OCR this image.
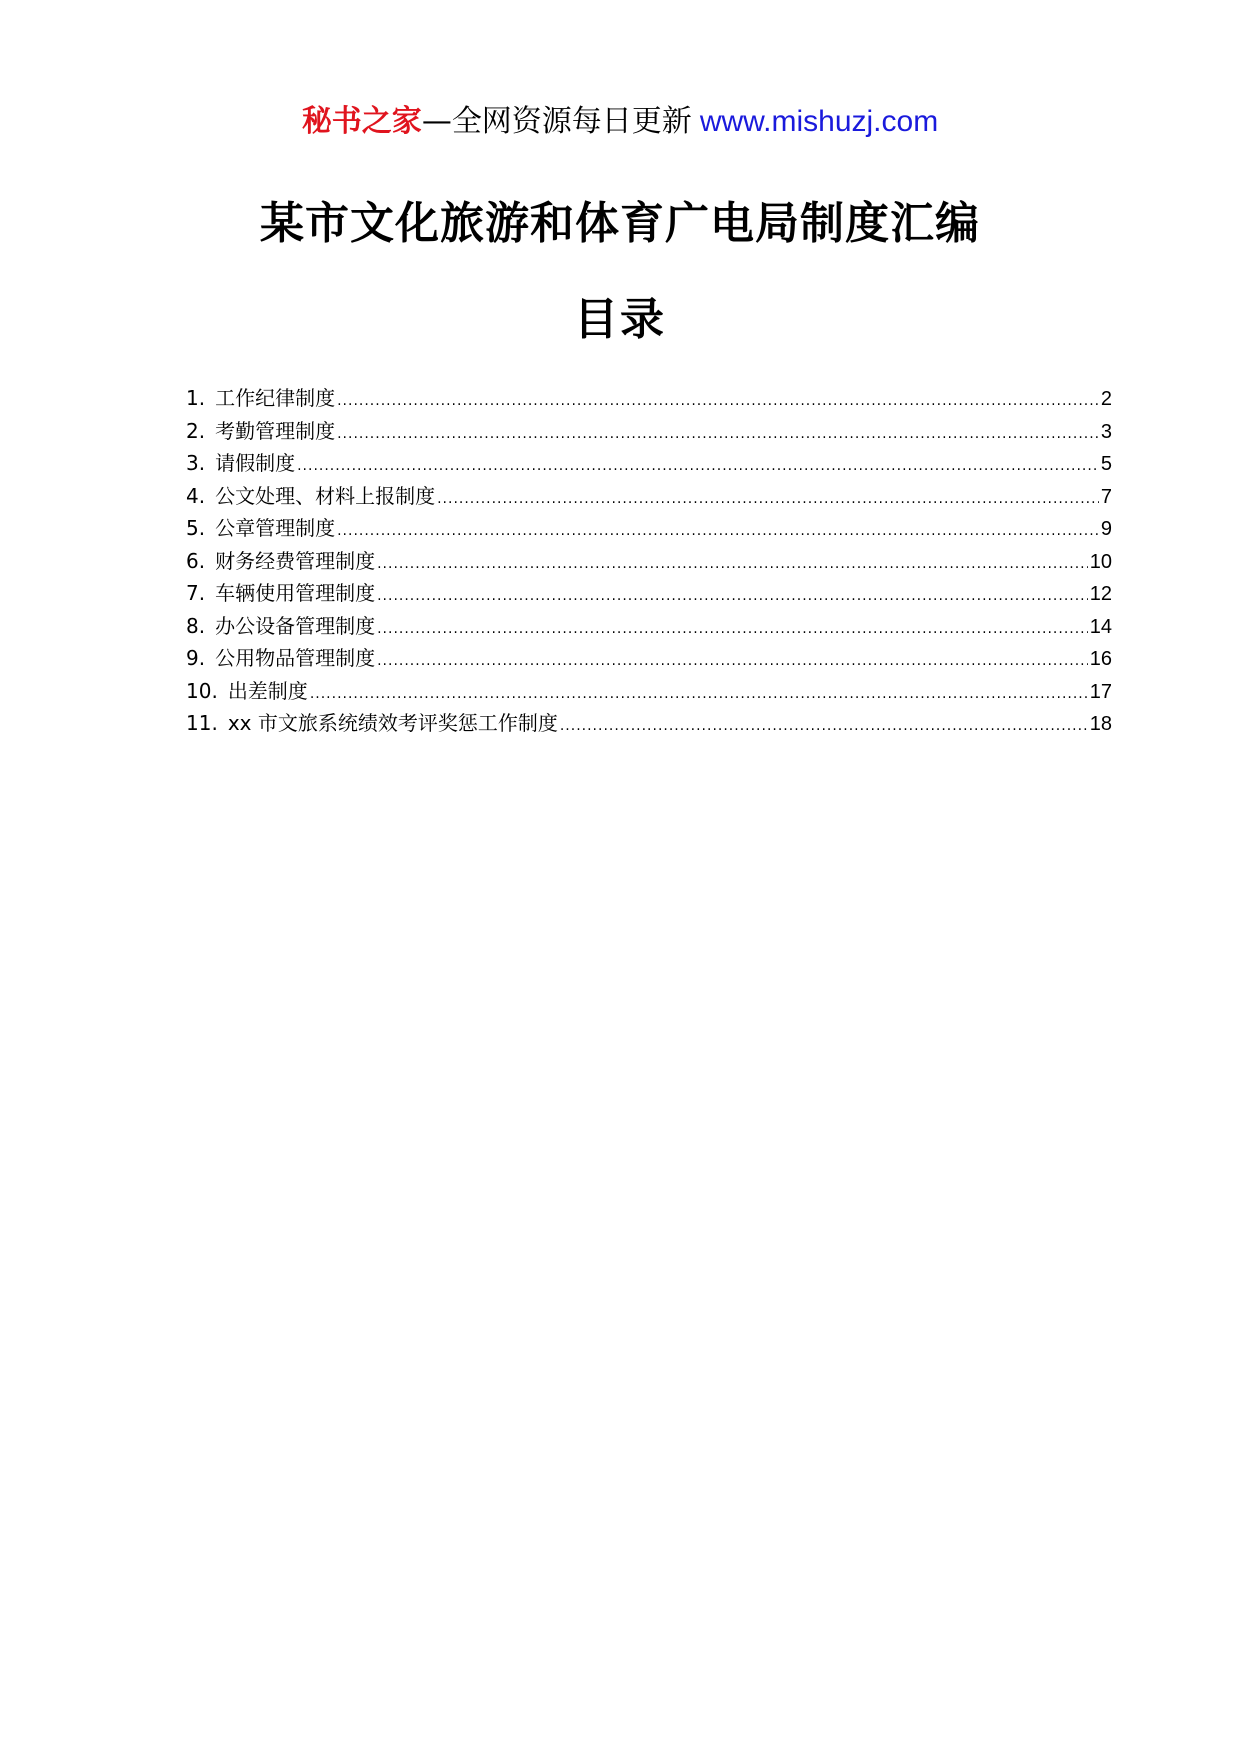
秘书之家—全网资源每日更新 www.mishuzj.com
某市文化旅游和体育广电局制度汇编
目录
1. 工作纪律制度 .....	2
2. 考勤管理制度 .....	3
3. 请假制度 .....	5
4. 公文处理、材料上报制度 .....	7
5. 公章管理制度 .....	9
6. 财务经费管理制度 .....	10
7. 车辆使用管理制度 .....	12
8. 办公设备管理制度 .....	14
9. 公用物品管理制度 .....	16
10. 出差制度 .....	17
11. xx 市文旅系统绩效考评奖惩工作制度 .....	18
